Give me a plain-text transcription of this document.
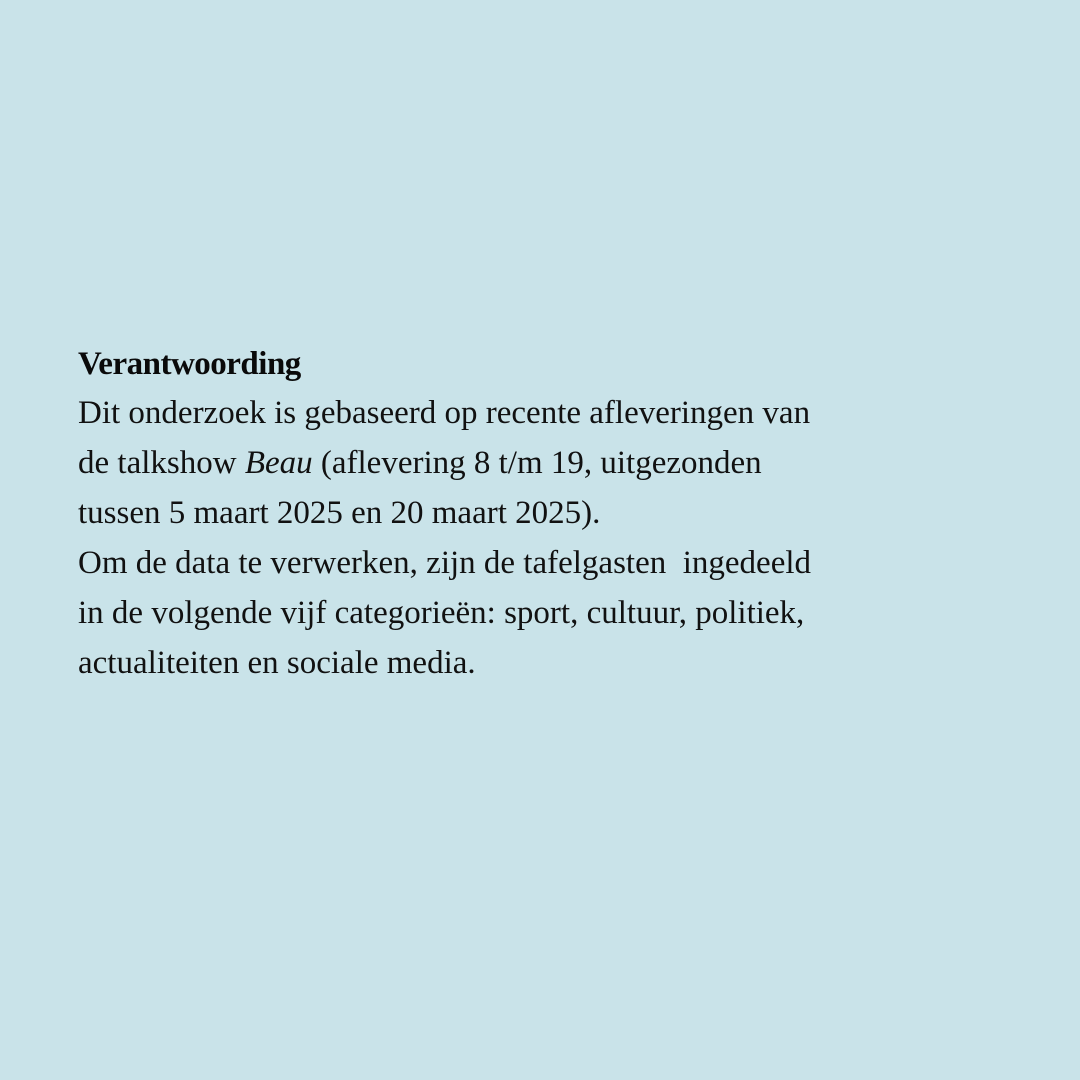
Verantwoording
Dit onderzoek is gebaseerd op recente afleveringen van
de talkshow Beau (aflevering 8 t/m 19, uitgezonden
tussen 5 maart 2025 en 20 maart 2025).
Om de data te verwerken, zijn de tafelgasten  ingedeeld
in de volgende vijf categorieën: sport, cultuur, politiek,
actualiteiten en sociale media.
